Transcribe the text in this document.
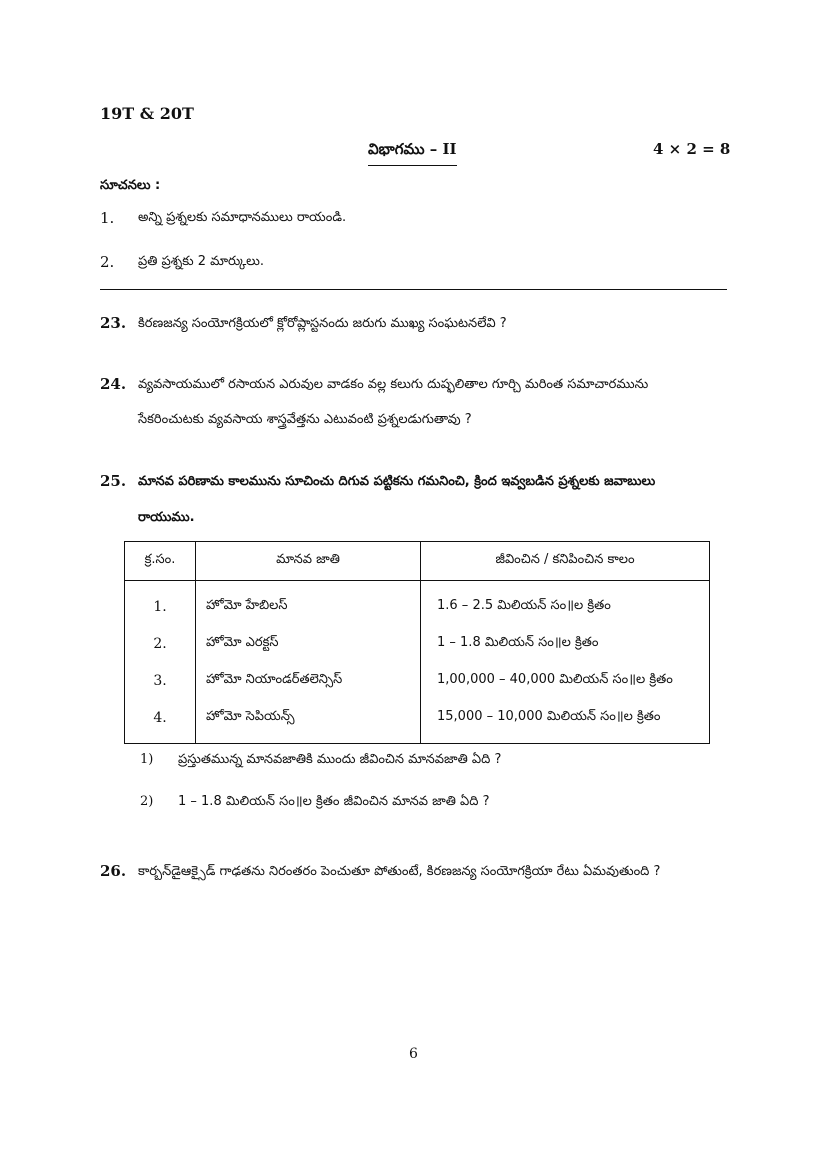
19T & 20T
విభాగము – II	4 × 2 = 8
సూచనలు :
1. అన్ని ప్రశ్నలకు సమాధానములు రాయండి.
2. ప్రతి ప్రశ్నకు 2 మార్కులు.
23. కిరణజన్య సంయోగక్రియలో క్లోరోప్లాస్టనందు జరుగు ముఖ్య సంఘటనలేవి ?
24. వ్యవసాయములో రసాయన ఎరువుల వాడకం వల్ల కలుగు దుష్ఫలితాల గూర్చి మరింత సమాచారమును
సేకరించుటకు వ్యవసాయ శాస్త్రవేత్తను ఎటువంటి ప్రశ్నలడుగుతావు ?
25. మానవ పరిణామ కాలమును సూచించు దిగువ పట్టికను గమనించి, క్రింద ఇవ్వబడిన ప్రశ్నలకు జవాబులు
రాయుము.
క్ర.సం.	మానవ జాతి	జీవించిన / కనిపించిన కాలం
1.	హోమో హేబిలస్	1.6 – 2.5 మిలియన్ సం॥ల క్రితం
2.	హోమో ఎరక్టస్	1 – 1.8 మిలియన్ సం॥ల క్రితం
3.	హోమో నియాండర్‌తలెన్సిస్	1,00,000 – 40,000 మిలియన్ సం॥ల క్రితం
4.	హోమో సెపియన్స్	15,000 – 10,000 మిలియన్ సం॥ల క్రితం
1) ప్రస్తుతమున్న మానవజాతికి ముందు జీవించిన మానవజాతి ఏది ?
2) 1 – 1.8 మిలియన్ సం॥ల క్రితం జీవించిన మానవ జాతి ఏది ?
26. కార్బన్‌డైఆక్సైడ్ గాఢతను నిరంతరం పెంచుతూ పోతుంటే, కిరణజన్య సంయోగక్రియా రేటు ఏమవుతుంది ?
6
